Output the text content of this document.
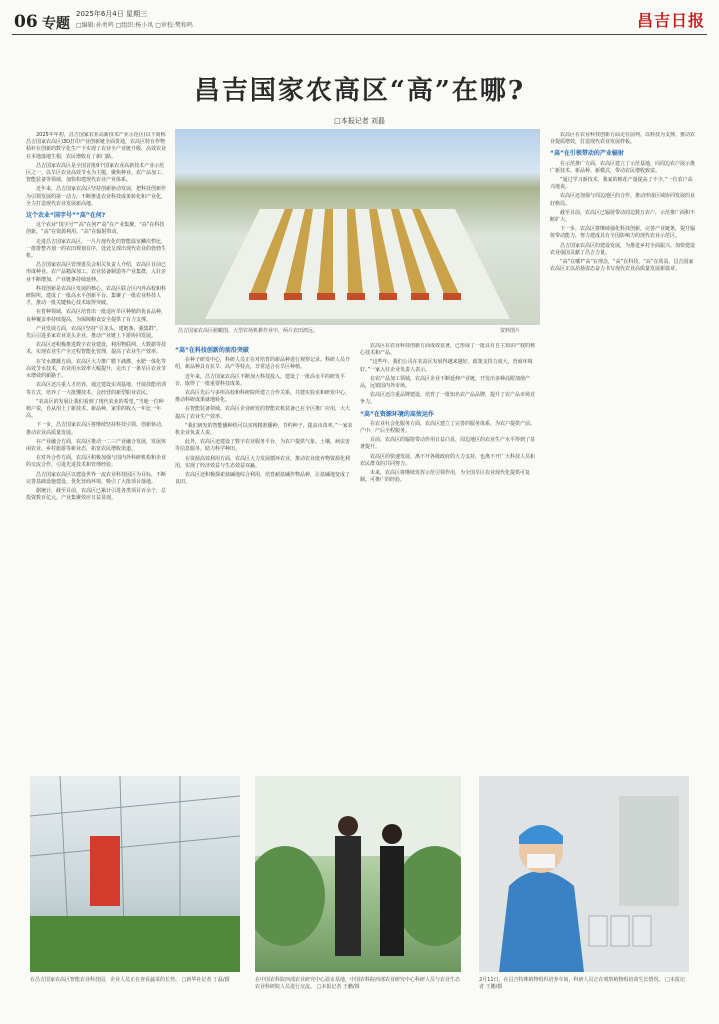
06 专题
2025年6月4日 星期三
□编辑:孙勇鸣 □组织:杨小凤 □审校:樊和鸣	昌吉日报
昌吉国家农高区“高”在哪?
□本报记者 刘磊

2025年年初，昌吉国家农业高新技术产业示范区(以下简称昌吉国家农高区)3D打印产业创新链全面贯通，农高区特有作物秸秆在创新的数字化生产下实现了农业全产业链升级，高效农业在本地落地生根，农民增收有了新门路。

昌吉国家农高区是全国首批9个国家农业高新技术产业示范区之一，以旱区农业高效节水为主题，聚焦种业、农产品加工、智能装备等领域，加快构建现代农业产业体系。

近年来，昌吉国家农高区坚持创新驱动发展，把科技创新作为引领发展的第一动力，不断推进农业科技成果转化和产业化，全力打造现代农业发展新高地。

这个农业“国字号”“高”在何?

这个农业“国字号”“高”在何?“高”在产业集聚，“高”在科技创新，“高”在资源利用，“高”在辐射带动。

走进昌吉国家农高区，一片片现代化的智能温室鳞次栉比，一排排整齐划一的农田规划有序，处处呈现出现代农业的勃勃生机。

昌吉国家农高区管理委员会相关负责人介绍，农高区目前已形成种业、农产品精深加工、农业装备制造等产业集群，入驻企业不断增加，产业链条持续延伸。

科技创新是农高区发展的核心。农高区联合区内外高校和科研院所，建成了一批高水平创新平台，集聚了一批农业科技人才，推动一批关键核心技术取得突破。

在育种领域，农高区培育出一批适应旱区种植的优良品种，良种覆盖率持续提高，为保障粮食安全提供了有力支撑。

产业发展方面，农高区坚持“引龙头、建链条、强集群”，先后引进多家农业龙头企业，推动产业链上下游协同发展。

农高区还积极推进数字农业建设，利用物联网、大数据等技术，实现农业生产全过程智能化管理，提高了农业生产效率。

在节水灌溉方面，农高区大力推广膜下滴灌、水肥一体化等高效节水技术，农业用水效率大幅提升，走出了一条旱区农业节水增效的新路子。

农高区还注重人才培养，通过建设实训基地、开展技能培训等方式，培养了一大批懂技术、会经营的新型职业农民。

“农高区的发展让我们看到了现代农业的希望。”当地一位种植户说，自从用上了新技术、新品种，家里的收入一年比一年高。

下一步，昌吉国家农高区将继续坚持科技引领、创新驱动，推动农业高质量发展。

在产业融合方面，农高区推动一二三产业融合发展，发展休闲农业、乡村旅游等新业态，拓宽农民增收渠道。

在对外合作方面，农高区积极加强与国内外科研机构和企业的交流合作，引进先进技术和管理经验。

昌吉国家农高区以建设世界一流农业科技园区为目标，不断完善基础设施建设，优化营商环境，吸引了大批项目落地。

据统计，截至目前，农高区已累计引进各类项目百余个，总投资数百亿元，产业集聚效应日益显现。

昌吉国家农高区俯瞰图，大型农场机耕作业中，两片农田鸿远。	资料图片
“高”在科技创新的前沿突破

在种子研发中心，科研人员正在对培育的新品种进行观察记录。科研人员介绍，新品种具有抗旱、高产等特点，非常适合在旱区种植。

近年来，昌吉国家农高区不断加大科技投入，建设了一批高水平的研发平台，取得了一批重要科技成果。

农高区先后与多所高校和科研院所建立合作关系，共建实验室和研发中心，推动科研成果就地转化。

在智能装备领域，农高区企业研发的智能农机装备已在全区推广应用，大大提高了农业生产效率。

“我们研发的智能播种机可以实现精准播种，节约种子，提高出苗率。”一家农机企业负责人说。

此外，农高区还建设了数字农业服务平台，为农户提供气象、土壤、病虫害等信息服务，助力科学种田。

在资源高效利用方面，农高区大力发展循环农业，推动农业废弃物资源化利用，实现了经济效益与生态效益双赢。

农高区还积极探索盐碱地综合利用，培育耐盐碱作物品种，让盐碱地变成了良田。

农高区在农业科技创新方面成效显著，已形成了一批具有自主知识产权的核心技术和产品。

“这些年，我们公司在农高区发展得越来越好，政策支持力度大，营商环境好。”一家入驻企业负责人表示。

在农产品加工领域，农高区企业不断延伸产业链，开发出多种高附加值产品，远销国内外市场。

农高区还注重品牌建设，培育了一批知名农产品品牌，提升了农产品市场竞争力。

“高”在资源环境的高效运作

在农业社会化服务方面，农高区建立了完善的服务体系，为农户提供产前、产中、产后全程服务。

目前，农高区的辐射带动作用日益凸显，周边地区的农业生产水平得到了显著提升。

农高区的快速发展，离不开各级政府的大力支持，也离不开广大科技人员和农民群众的共同努力。

未来，农高区将继续发挥示范引领作用，为全国旱区农业现代化提供可复制、可推广的经验。

农高区在农业科技创新方面走在前列，以科技为支撑，推动农业提质增效，打造现代农业发展样板。

“高”在引领带动的产业辐射

在示范推广方面，农高区建立了示范基地，向周边农户展示推广新技术、新品种、新模式，带动农民增收致富。

“通过学习新技术，我家的棉花产量提高了不少。”一位农户高兴地说。

农高区还加强与周边地区的合作，推动形成区域协同发展的良好格局。

截至目前，农高区已辐射带动周边数万农户，示范推广面积不断扩大。

下一步，农高区将继续强化科技创新，完善产业链条，提升辐射带动能力，努力建成具有全国影响力的现代农业示范区。

昌吉国家农高区的建设发展，为推进乡村全面振兴、加快建设农业强国贡献了昌吉力量。

“高”在哪?“高”在理念，“高”在科技，“高”在效益。昌吉国家农高区正以昂扬姿态奋力书写现代农业高质量发展新篇章。

在昌吉国家农高区智能农业科技园，企业人员正在查看蔬菜的长势。 □新华社记者 丁磊/摄	在中国农科院西部农业研究中心温室基地，中国农科院西部农业研究中心科研人员与农业生态农业科研院人员进行交流。 □本报记者 王鹏/摄
2月11日，在昌吉特殊植物组织培养车间，科研人员正在观察植物组培苗生长情况。 □本报记者 王鹏/摄
